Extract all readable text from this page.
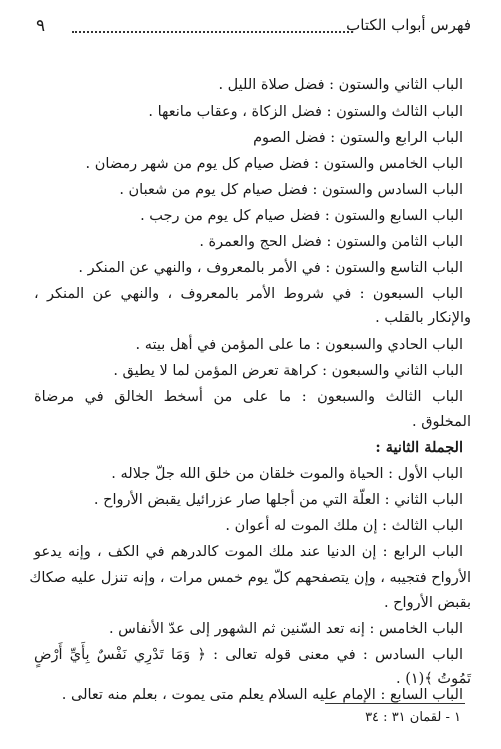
فهرس أبواب الكتاب
٩
الباب الثاني والستون : فضل صلاة الليل .
الباب الثالث والستون : فضل الزكاة ، وعقاب مانعها .
الباب الرابع والستون : فضل الصوم
الباب الخامس والستون : فضل صيام كل يوم من شهر رمضان .
الباب السادس والستون : فضل صيام كل يوم من شعبان .
الباب السابع والستون : فضل صيام كل يوم من رجب .
الباب الثامن والستون : فضل الحج والعمرة .
الباب التاسع والستون : في الأمر بالمعروف ، والنهي عن المنكر .
الباب السبعون : في شروط الأمر بالمعروف ، والنهي عن المنكر ،
والإنكار بالقلب .
الباب الحادي والسبعون : ما على المؤمن في أهل بيته .
الباب الثاني والسبعون : كراهة تعرض المؤمن لما لا يطيق .
الباب الثالث والسبعون : ما على من أسخط الخالق في مرضاة
المخلوق .
الجملة الثانية :
الباب الأول : الحياة والموت خلقان من خلق الله جلّ جلاله .
الباب الثاني : العلّة التي من أجلها صار عزرائيل يقبض الأرواح .
الباب الثالث : إن ملك الموت له أعوان .
الباب الرابع : إن الدنيا عند ملك الموت كالدرهم في الكف ، وإنه يدعو
الأرواح فتجيبه ، وإن يتصفحهم كلّ يوم خمس مرات ، وإنه تنزل عليه صكاك
بقبض الأرواح .
الباب الخامس : إنه تعد السّنين ثم الشهور إلى عدّ الأنفاس .
الباب السادس : في معنى قوله تعالى : ﴿ وَمَا تَدْرِي نَفْسٌ بِأَيِّ أَرْضٍ
تَمُوتُ ﴾(١) .
الباب السابع : الإمام عليه السلام يعلم متى يموت ، بعلم منه تعالى .
١ - لقمان ٣١ : ٣٤
